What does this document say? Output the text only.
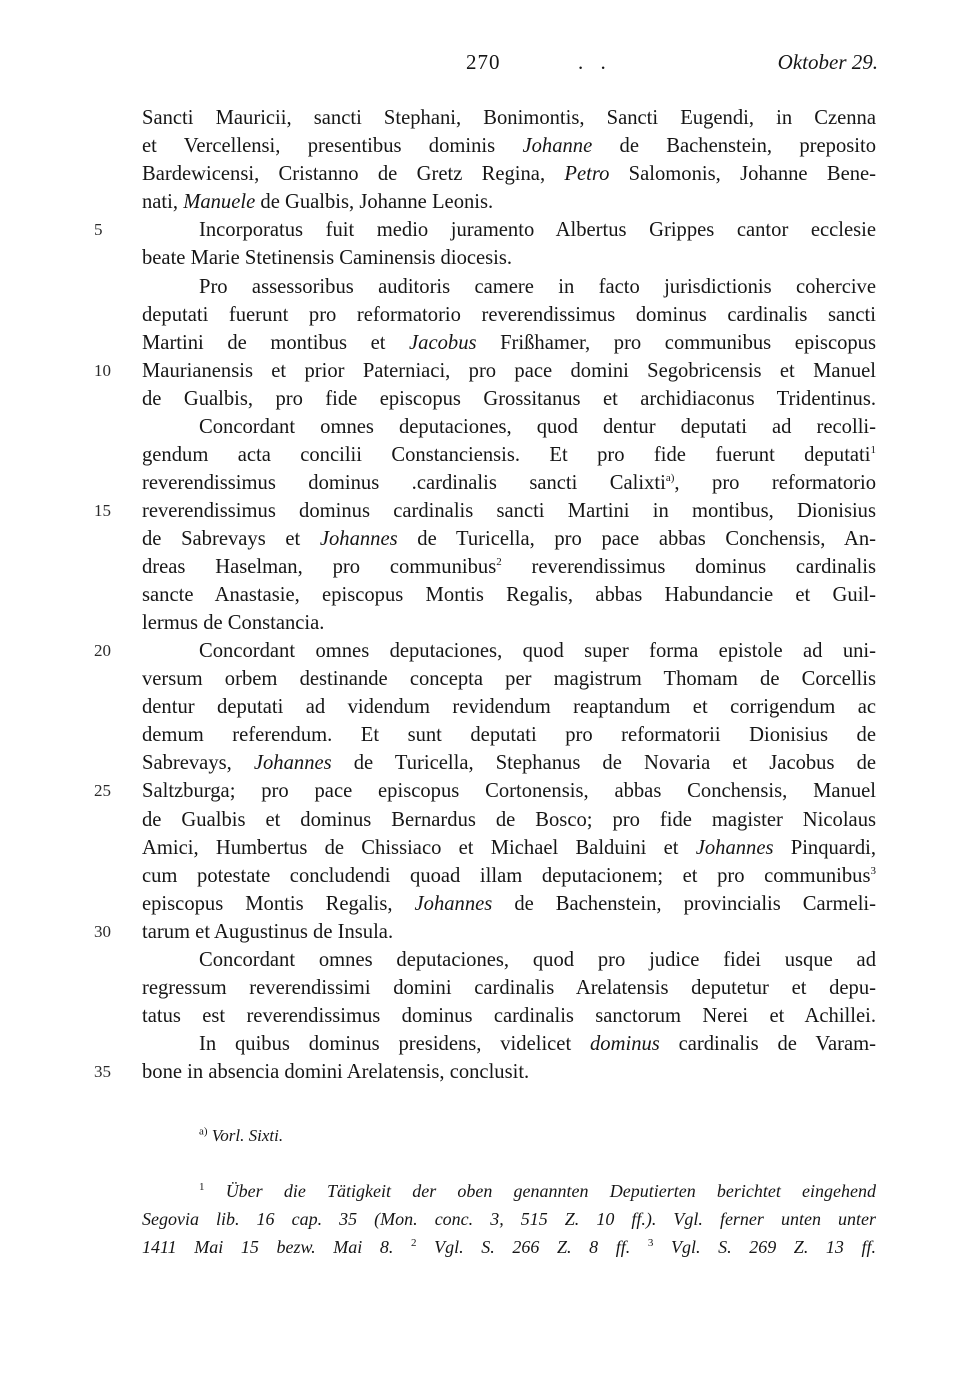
270	. .	Oktober 29.
5
10
15
20
25
30
35
Sancti Mauricii, sancti Stephani, Bonimontis, Sancti Eugendi, in Czenna
et Vercellensi, presentibus dominis Johanne de Bachenstein, preposito
Bardewicensi, Cristanno de Gretz Regina, Petro Salomonis, Johanne Bene-
nati, Manuele de Gualbis, Johanne Leonis.
Incorporatus fuit medio juramento Albertus Grippes cantor ecclesie
beate Marie Stetinensis Caminensis diocesis.
Pro assessoribus auditoris camere in facto jurisdictionis cohercive
deputati fuerunt pro reformatorio reverendissimus dominus cardinalis sancti
Martini de montibus et Jacobus Frißhamer, pro communibus episcopus
Maurianensis et prior Paterniaci, pro pace domini Segobricensis et Manuel
de Gualbis, pro fide episcopus Grossitanus et archidiaconus Tridentinus.
Concordant omnes deputaciones, quod dentur deputati ad recolli-
gendum acta concilii Constanciensis. Et pro fide fuerunt deputati$^1$
reverendissimus dominus .cardinalis sancti Calixti$^{a)}$, pro reformatorio
reverendissimus dominus cardinalis sancti Martini in montibus, Dionisius
de Sabrevays et Johannes de Turicella, pro pace abbas Conchensis, An-
dreas Haselman, pro communibus$^2$ reverendissimus dominus cardinalis
sancte Anastasie, episcopus Montis Regalis, abbas Habundancie et Guil-
lermus de Constancia.
Concordant omnes deputaciones, quod super forma epistole ad uni-
versum orbem destinande concepta per magistrum Thomam de Corcellis
dentur deputati ad videndum revidendum reaptandum et corrigendum ac
demum referendum. Et sunt deputati pro reformatorii Dionisius de
Sabrevays, Johannes de Turicella, Stephanus de Novaria et Jacobus de
Saltzburga; pro pace episcopus Cortonensis, abbas Conchensis, Manuel
de Gualbis et dominus Bernardus de Bosco; pro fide magister Nicolaus
Amici, Humbertus de Chissiaco et Michael Balduini et Johannes Pinquardi,
cum potestate concludendi quoad illam deputacionem; et pro communibus$^3$
episcopus Montis Regalis, Johannes de Bachenstein, provincialis Carmeli-
tarum et Augustinus de Insula.
Concordant omnes deputaciones, quod pro judice fidei usque ad
regressum reverendissimi domini cardinalis Arelatensis deputetur et depu-
tatus est reverendissimus dominus cardinalis sanctorum Nerei et Achillei.
In quibus dominus presidens, videlicet dominus cardinalis de Varam-
bone in absencia domini Arelatensis, conclusit.
$^{a)}$ Vorl. Sixti.
$^1$ Über die Tätigkeit der oben genannten Deputierten berichtet eingehend
Segovia lib. 16 cap. 35 (Mon. conc. 3, 515 Z. 10 ff.). Vgl. ferner unten unter
1411 Mai 15 bezw. Mai 8. $^2$ Vgl. S. 266 Z. 8 ff. $^3$ Vgl. S. 269 Z. 13 ff.
